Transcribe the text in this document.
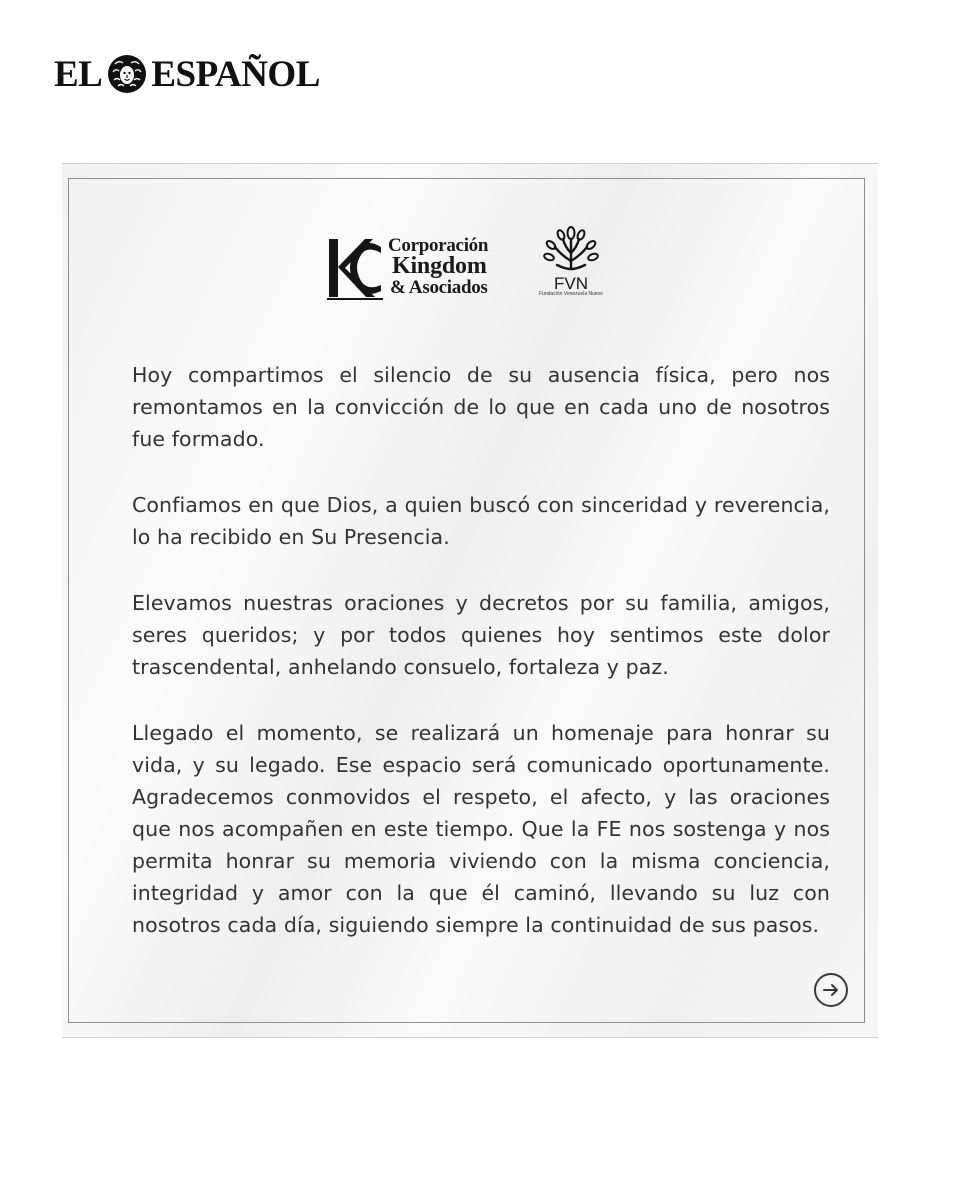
EL ESPAÑOL
Corporación
Kingdom
& Asociados	FVN
Fundación Venezuela Nuevo

Hoy compartimos el silencio de su ausencia física, pero nos remontamos en la convicción de lo que en cada uno de nosotros fue formado.

Confiamos en que Dios, a quien buscó con sinceridad y reverencia, lo ha recibido en Su Presencia.

Elevamos nuestras oraciones y decretos por su familia, amigos, seres queridos; y por todos quienes hoy sentimos este dolor trascendental, anhelando consuelo, fortaleza y paz.

Llegado el momento, se realizará un homenaje para honrar su vida, y su legado. Ese espacio será comunicado oportunamente. Agradecemos conmovidos el respeto, el afecto, y las oraciones que nos acompañen en este tiempo. Que la FE nos sostenga y nos permita honrar su memoria viviendo con la misma conciencia, integridad y amor con la que él caminó, llevando su luz con nosotros cada día, siguiendo siempre la continuidad de sus pasos.
